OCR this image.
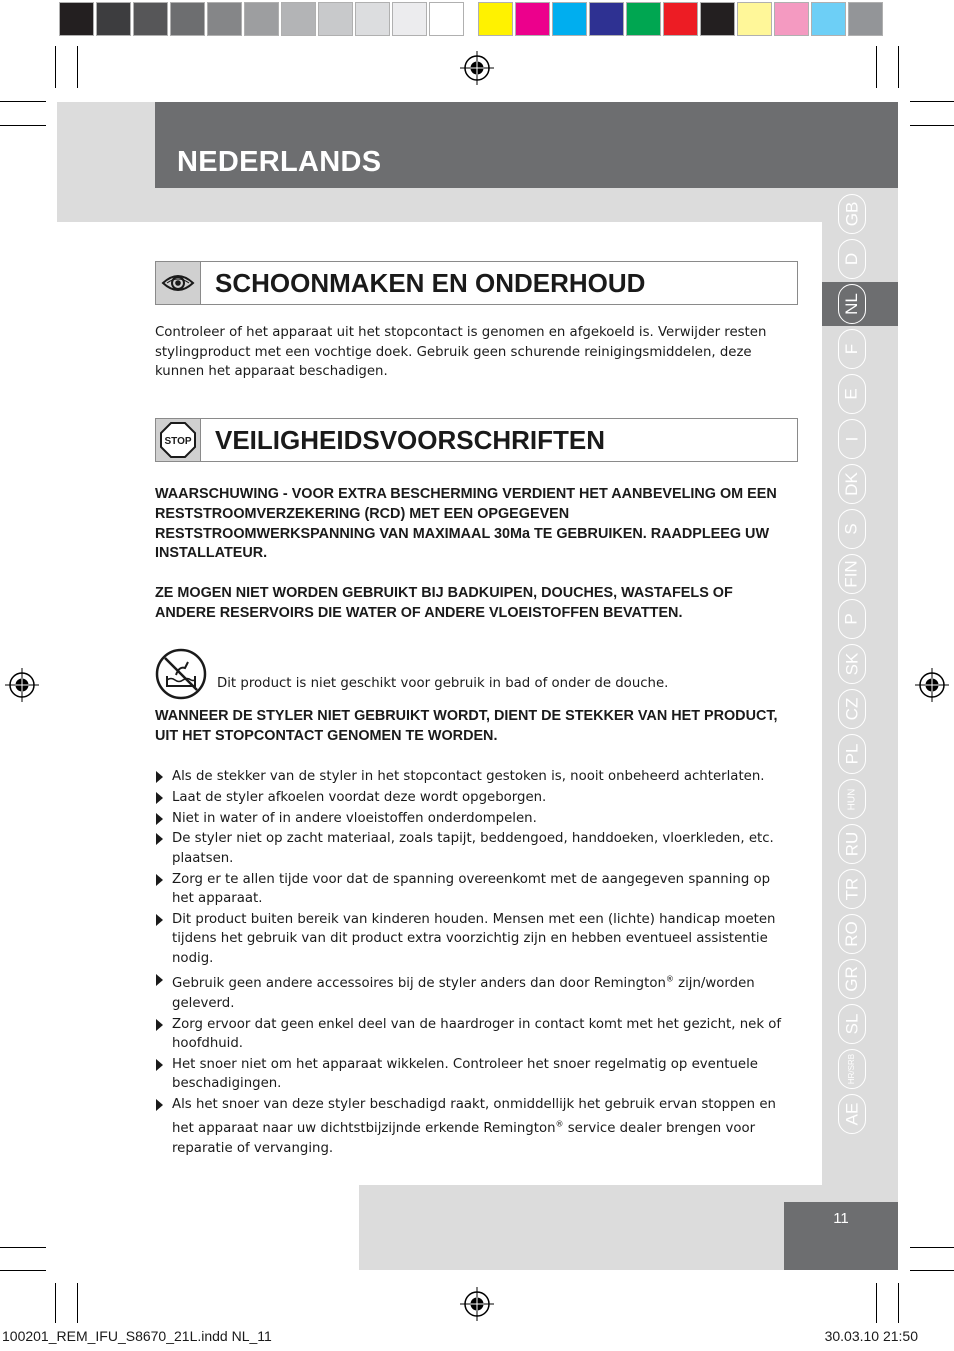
NEDERLANDS
GB
D
NL
F
E
I
DK
S
FIN
P
SK
CZ
PL
HUN
RU
TR
RO
GR
SL
HR/SRB
AE
SCHOONMAKEN EN ONDERHOUD
Controleer of het apparaat uit het stopcontact is genomen en afgekoeld is. Verwijder resten stylingproduct met een vochtige doek. Gebruik geen schurende reinigingsmiddelen, deze kunnen het apparaat beschadigen.
STOP VEILIGHEIDSVOORSCHRIFTEN
WAARSCHUWING - VOOR EXTRA BESCHERMING VERDIENT HET AANBEVELING OM EEN RESTSTROOMVERZEKERING (RCD) MET EEN OPGEGEVEN RESTSTROOMWERKSPANNING VAN MAXIMAAL 30Ma TE GEBRUIKEN. RAADPLEEG UW INSTALLATEUR.
ZE MOGEN NIET WORDEN GEBRUIKT BIJ BADKUIPEN, DOUCHES, WASTAFELS OF ANDERE RESERVOIRS DIE WATER OF ANDERE VLOEISTOFFEN BEVATTEN.
Dit product is niet geschikt voor gebruik in bad of onder de douche.
WANNEER DE STYLER NIET GEBRUIKT WORDT, DIENT DE STEKKER VAN HET PRODUCT, UIT HET STOPCONTACT GENOMEN TE WORDEN.
Als de stekker van de styler in het stopcontact gestoken is, nooit onbeheerd achterlaten.
Laat de styler afkoelen voordat deze wordt opgeborgen.
Niet in water of in andere vloeistoffen onderdompelen.
De styler niet op zacht materiaal, zoals tapijt, beddengoed, handdoeken, vloerkleden, etc. plaatsen.
Zorg er te allen tijde voor dat de spanning overeenkomt met de aangegeven spanning op het apparaat.
Dit product buiten bereik van kinderen houden. Mensen met een (lichte) handicap moeten tijdens het gebruik van dit product extra voorzichtig zijn en hebben eventueel assistentie nodig.
Gebruik geen andere accessoires bij de styler anders dan door Remington® zijn/worden geleverd.
Zorg ervoor dat geen enkel deel van de haardroger in contact komt met het gezicht, nek of hoofdhuid.
Het snoer niet om het apparaat wikkelen. Controleer het snoer regelmatig op eventuele beschadigingen.
Als het snoer van deze styler beschadigd raakt, onmiddellijk het gebruik ervan stoppen en het apparaat naar uw dichtstbijzijnde erkende Remington® service dealer brengen voor reparatie of vervanging.
11
100201_REM_IFU_S8670_21L.indd NL_11	30.03.10 21:50
